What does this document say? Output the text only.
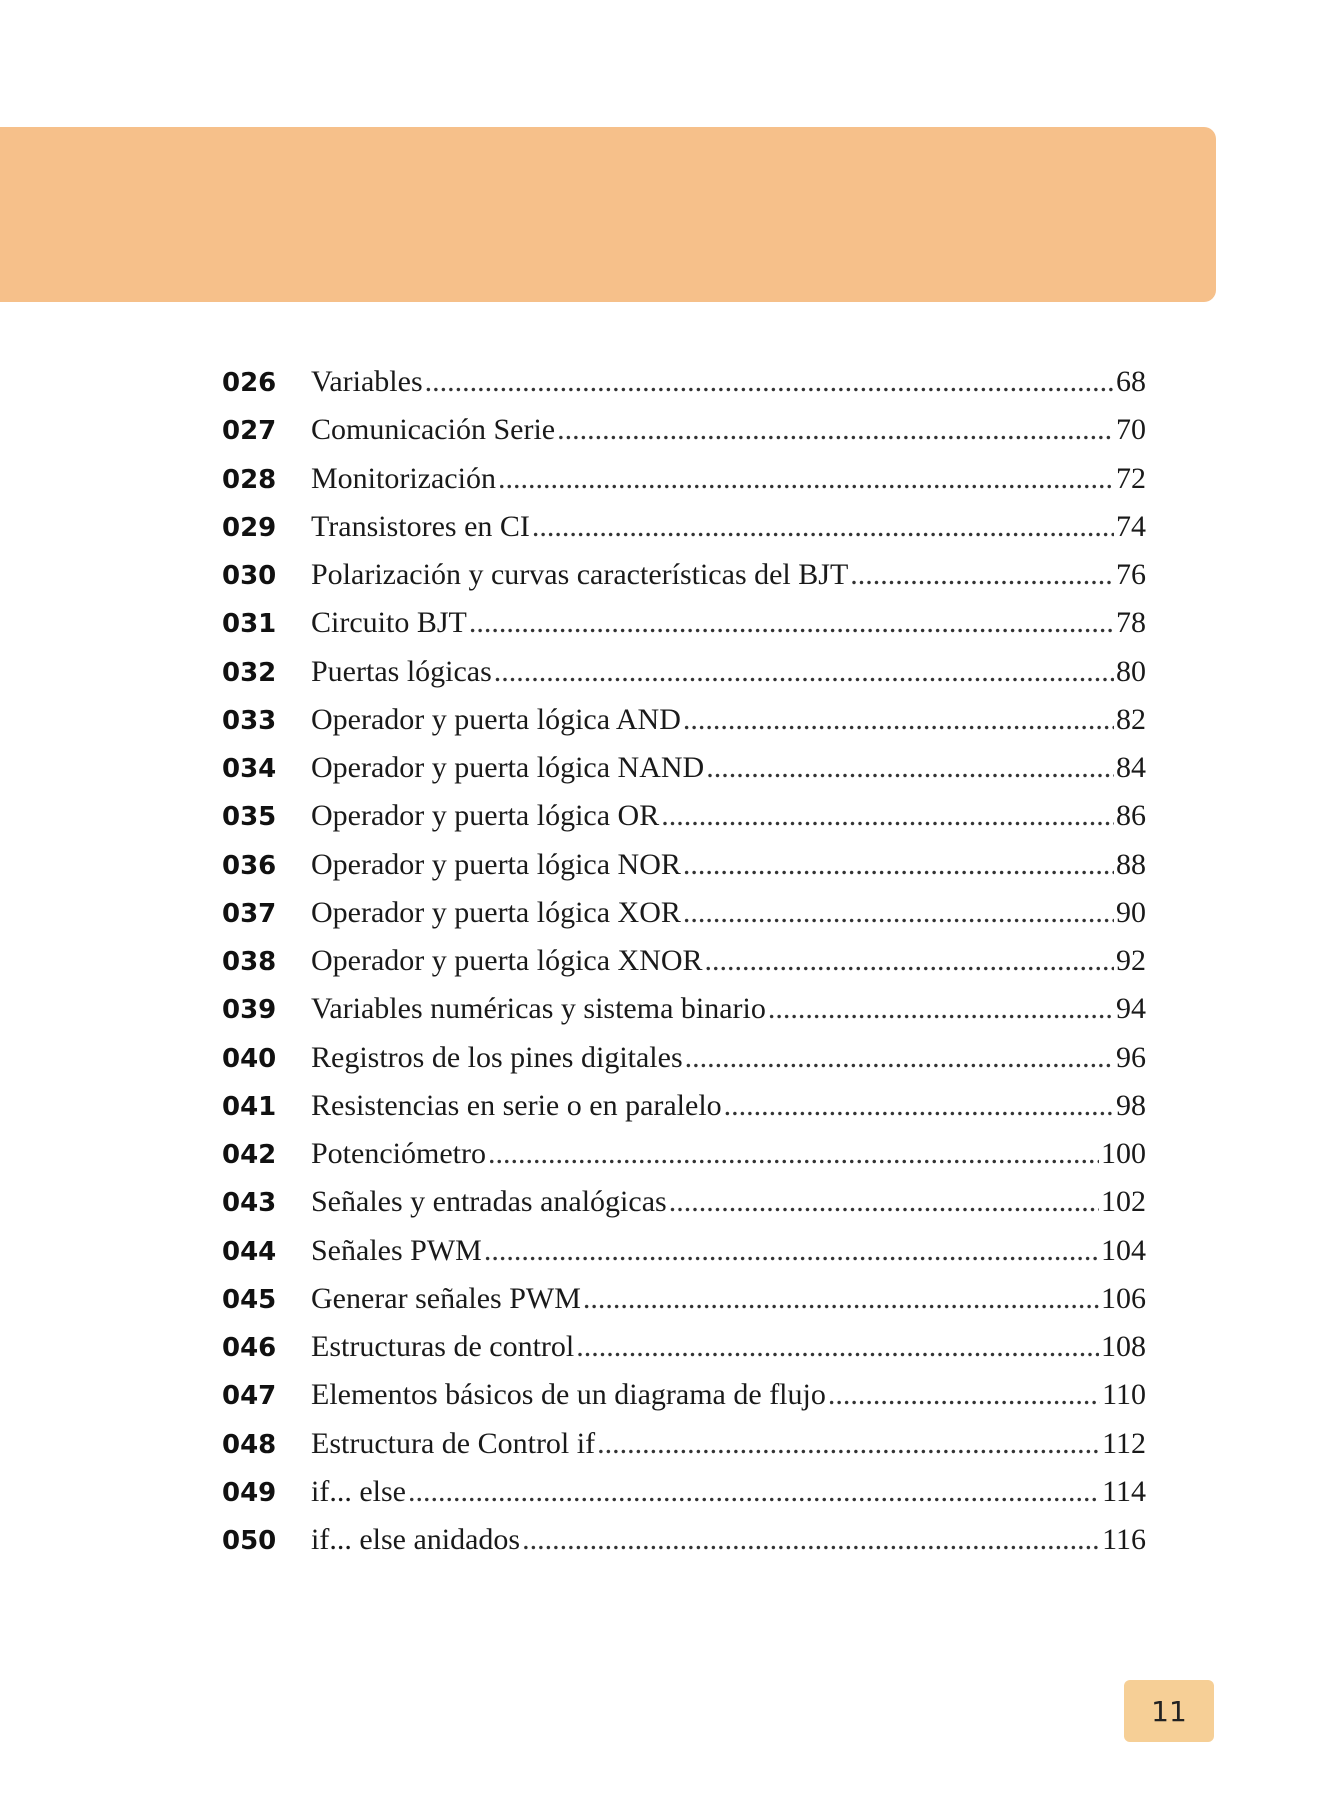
026	Variables .....	68
027	Comunicación Serie .....	70
028	Monitorización .....	72
029	Transistores en CI .....	74
030	Polarización y curvas características del BJT .....	76
031	Circuito BJT .....	78
032	Puertas lógicas .....	80
033	Operador y puerta lógica AND .....	82
034	Operador y puerta lógica NAND .....	84
035	Operador y puerta lógica OR .....	86
036	Operador y puerta lógica NOR .....	88
037	Operador y puerta lógica XOR .....	90
038	Operador y puerta lógica XNOR .....	92
039	Variables numéricas y sistema binario .....	94
040	Registros de los pines digitales .....	96
041	Resistencias en serie o en paralelo .....	98
042	Potenciómetro .....	100
043	Señales y entradas analógicas .....	102
044	Señales PWM .....	104
045	Generar señales PWM .....	106
046	Estructuras de control .....	108
047	Elementos básicos de un diagrama de flujo .....	110
048	Estructura de Control if .....	112
049	if... else .....	114
050	if... else anidados .....	116
11
